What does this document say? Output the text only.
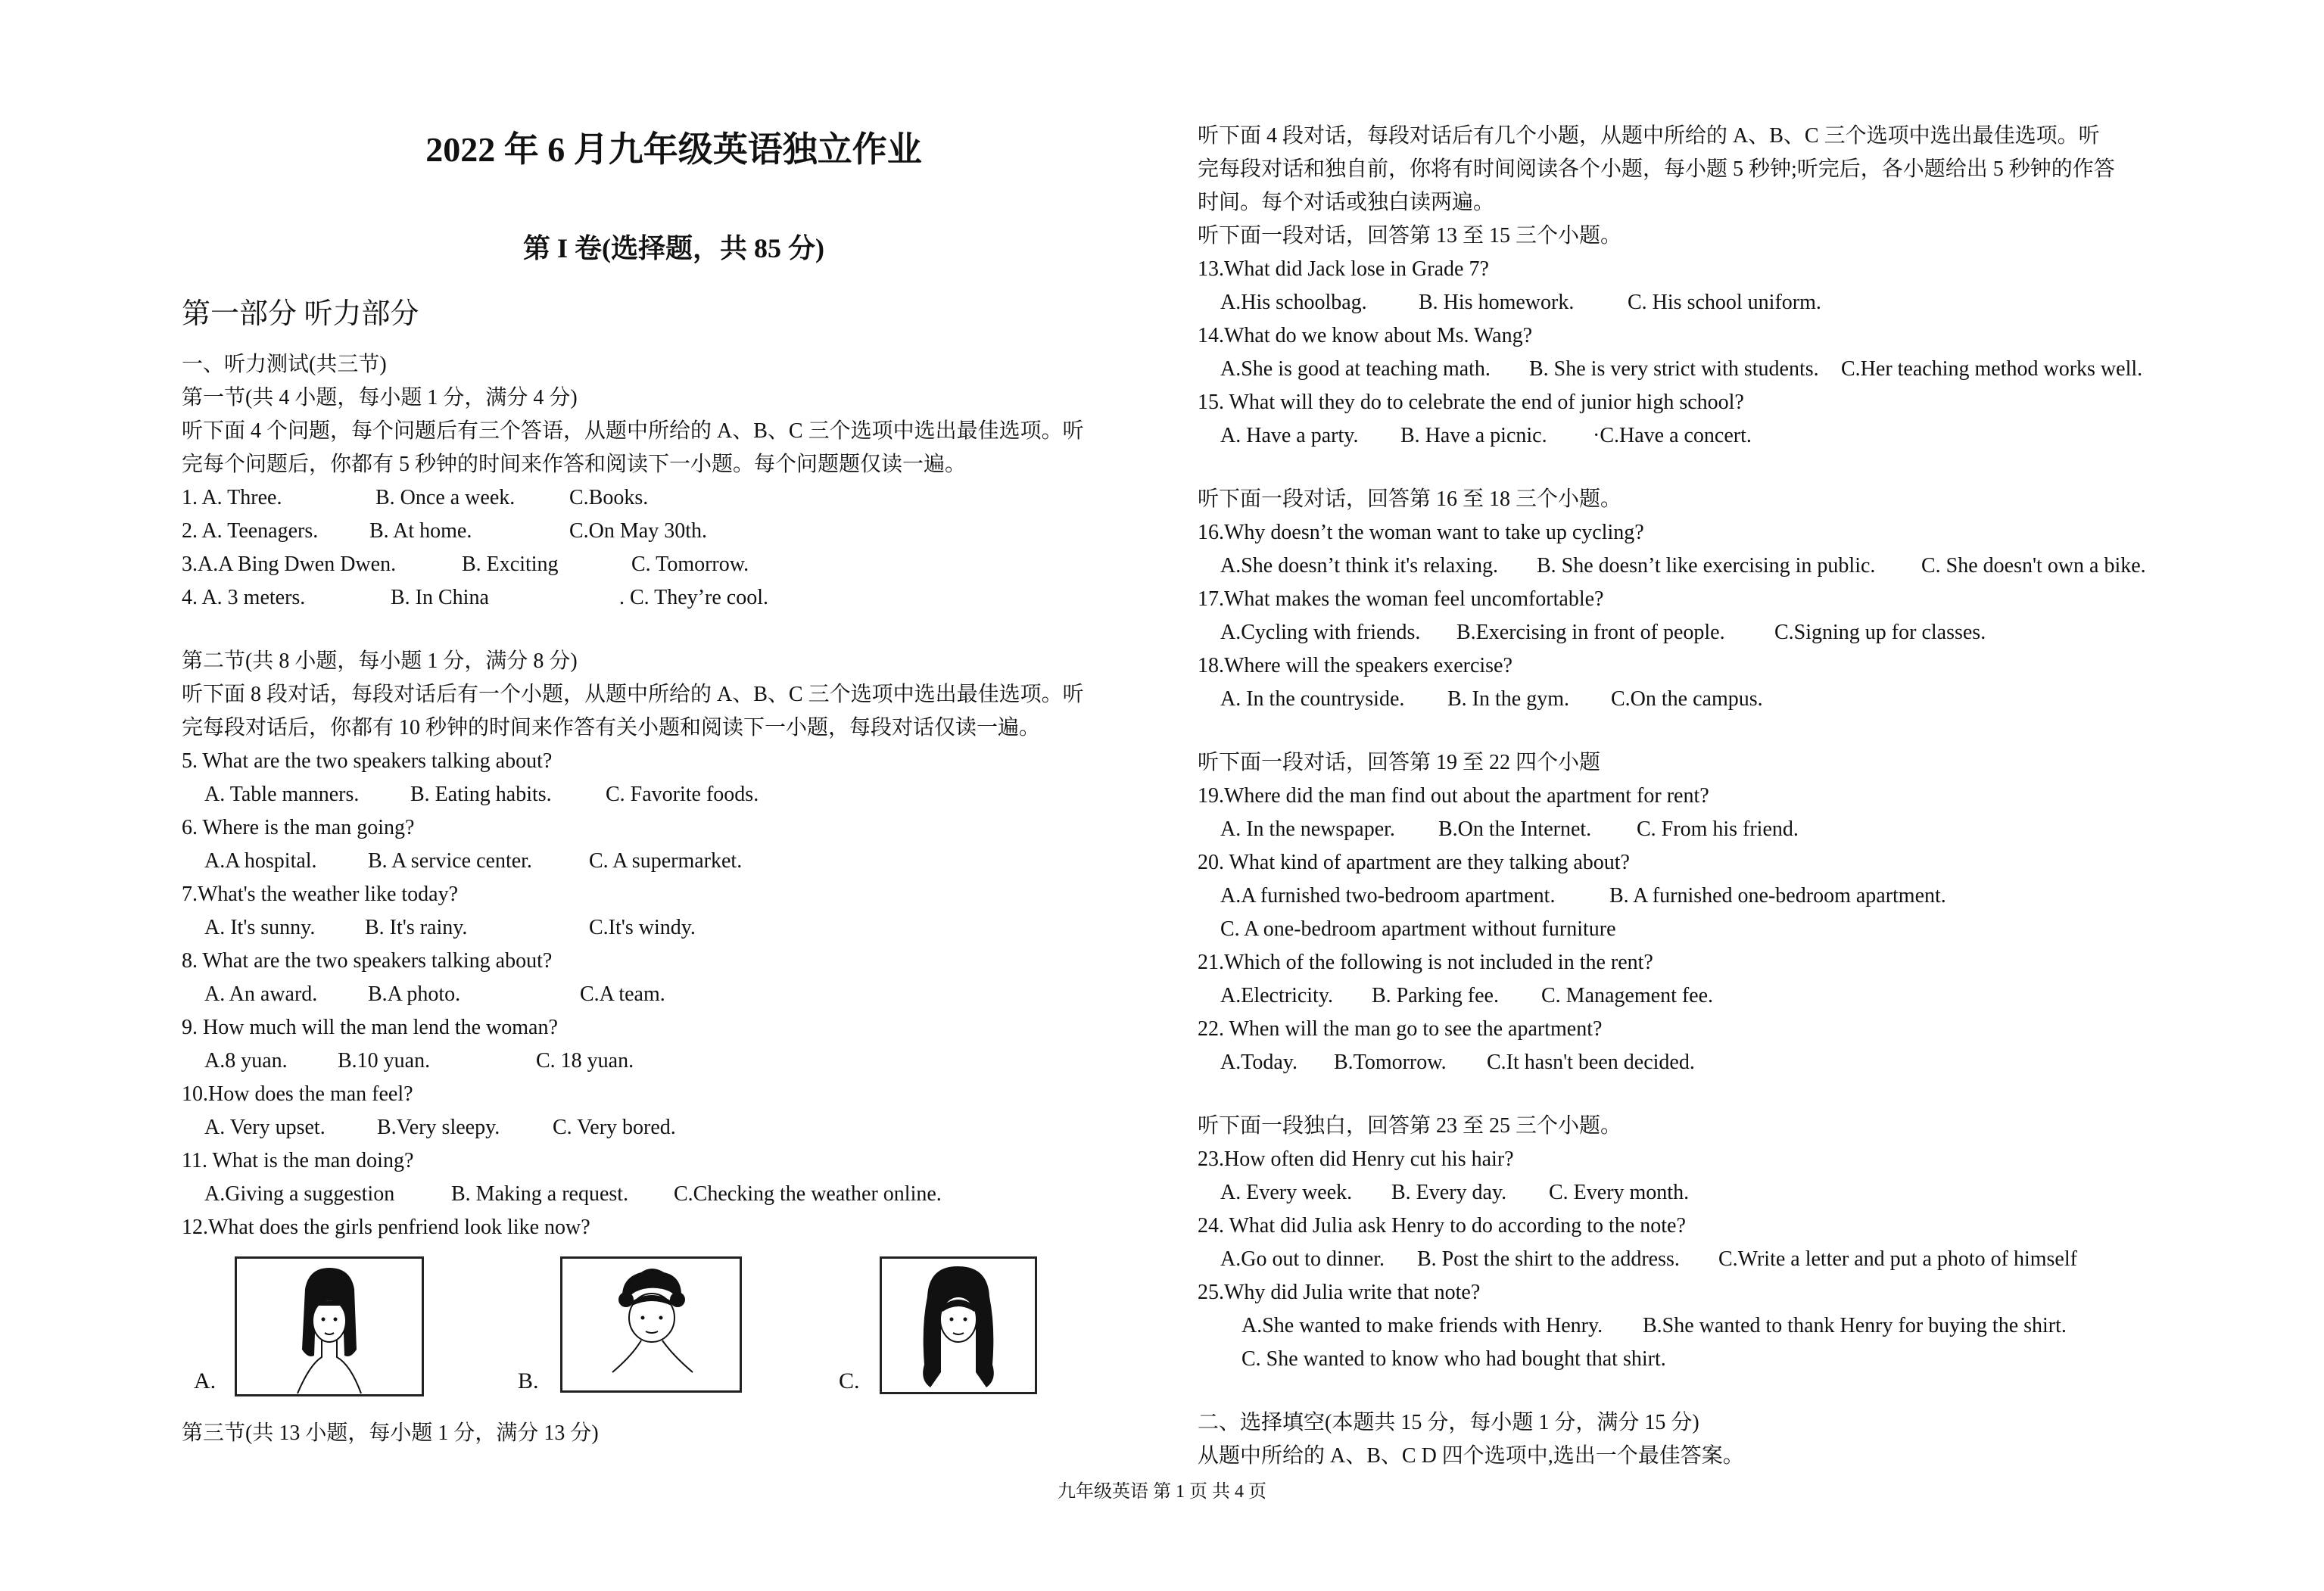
2022 年 6 月九年级英语独立作业
第 I 卷(选择题，共 85 分)
第一部分 听力部分
一、听力测试(共三节)
第一节(共 4 小题，每小题 1 分，满分 4 分)
听下面 4 个问题，每个问题后有三个答语，从题中所给的 A、B、C 三个选项中选出最佳选项。听
完每个问题后，你都有 5 秒钟的时间来作答和阅读下一小题。每个问题题仅读一遍。
1. A. Three.	B. Once a week.	C.Books.
2. A. Teenagers. B. At home.	C.On May 30th.
3.A.A Bing Dwen Dwen.	B. Exciting	C. Tomorrow.
4. A. 3 meters.	B. In China	. C. They’re cool.
第二节(共 8 小题，每小题 1 分，满分 8 分)
听下面 8 段对话，每段对话后有一个小题，从题中所给的 A、B、C 三个选项中选出最佳选项。听
完每段对话后，你都有 10 秒钟的时间来作答有关小题和阅读下一小题，每段对话仅读一遍。
5. What are the two speakers talking about?
A. Table manners. B. Eating habits.	C. Favorite foods.
6. Where is the man going?
A.A hospital. B. A service center.	C. A supermarket.
7.What's the weather like today?
A. It's sunny. B. It's rainy.	C.It's windy.
8. What are the two speakers talking about?
A. An award. B.A photo.	C.A team.
9. How much will the man lend the woman?
A.8 yuan. B.10 yuan.	C. 18 yuan.
10.How does the man feel?
A. Very upset. B.Very sleepy. C. Very bored.
11. What is the man doing?
A.Giving a suggestion	B. Making a request. C.Checking the weather online.
12.What does the girls penfriend look like now?
A.	B.	C.
第三节(共 13 小题，每小题 1 分，满分 13 分)
听下面 4 段对话，每段对话后有几个小题，从题中所给的 A、B、C 三个选项中选出最佳选项。听
完每段对话和独自前，你将有时间阅读各个小题，每小题 5 秒钟;听完后，各小题给出 5 秒钟的作答
时间。每个对话或独白读两遍。
听下面一段对话，回答第 13 至 15 三个小题。
13.What did Jack lose in Grade 7?
A.His schoolbag. B. His homework.	C. His school uniform.
14.What do we know about Ms. Wang?
A.She is good at teaching math. B. She is very strict with students. C.Her teaching method works well.
15. What will they do to celebrate the end of junior high school?
A. Have a party. B. Have a picnic. ·C.Have a concert.
听下面一段对话，回答第 16 至 18 三个小题。
16.Why doesn’t the woman want to take up cycling?
A.She doesn’t think it's relaxing. B. She doesn’t like exercising in public. C. She doesn't own a bike.
17.What makes the woman feel uncomfortable?
A.Cycling with friends. B.Exercising in front of people. C.Signing up for classes.
18.Where will the speakers exercise?
A. In the countryside. B. In the gym. C.On the campus.
听下面一段对话，回答第 19 至 22 四个小题
19.Where did the man find out about the apartment for rent?
A. In the newspaper. B.On the Internet. C. From his friend.
20. What kind of apartment are they talking about?
A.A furnished two-bedroom apartment.	B. A furnished one-bedroom apartment.
C. A one-bedroom apartment without furniture
21.Which of the following is not included in the rent?
A.Electricity. B. Parking fee. C. Management fee.
22. When will the man go to see the apartment?
A.Today. B.Tomorrow. C.It hasn't been decided.
听下面一段独白，回答第 23 至 25 三个小题。
23.How often did Henry cut his hair?
A. Every week. B. Every day. C. Every month.
24. What did Julia ask Henry to do according to the note?
A.Go out to dinner. B. Post the shirt to the address. C.Write a letter and put a photo of himself
25.Why did Julia write that note?
A.She wanted to make friends with Henry. B.She wanted to thank Henry for buying the shirt.
C. She wanted to know who had bought that shirt.
二、选择填空(本题共 15 分，每小题 1 分，满分 15 分)
从题中所给的 A、B、C D 四个选项中,选出一个最佳答案。
九年级英语 第 1 页 共 4 页
